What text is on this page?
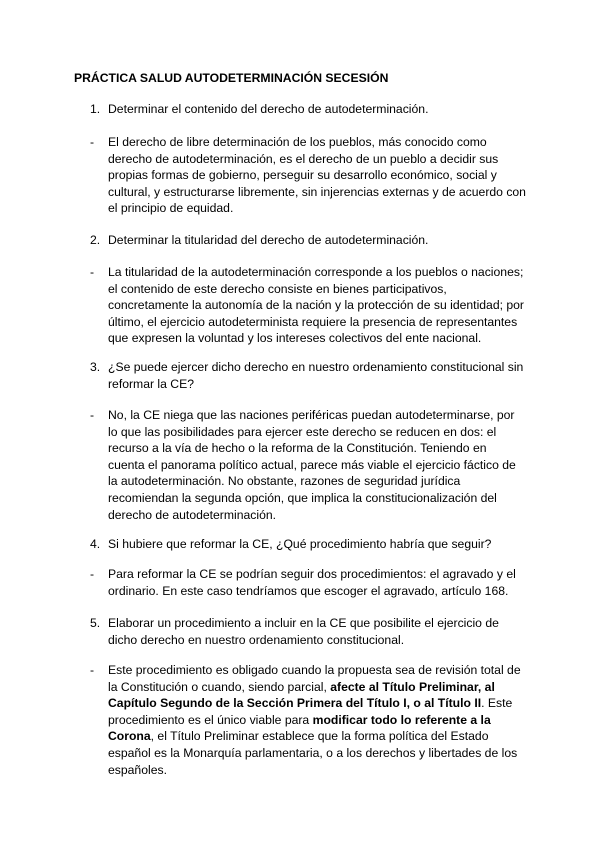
PRÁCTICA SALUD AUTODETERMINACIÓN SECESIÓN
1. Determinar el contenido del derecho de autodeterminación.
-	El derecho de libre determinación de los pueblos, más conocido como derecho de autodeterminación, es el derecho de un pueblo a decidir sus propias formas de gobierno, perseguir su desarrollo económico, social y cultural, y estructurarse libremente, sin injerencias externas y de acuerdo con el principio de equidad.
2. Determinar la titularidad del derecho de autodeterminación.
-	La titularidad de la autodeterminación corresponde a los pueblos o naciones; el contenido de este derecho consiste en bienes participativos, concretamente la autonomía de la nación y la protección de su identidad; por último, el ejercicio autodeterminista requiere la presencia de representantes que expresen la voluntad y los intereses colectivos del ente nacional.
3. ¿Se puede ejercer dicho derecho en nuestro ordenamiento constitucional sin reformar la CE?
-	No, la CE niega que las naciones periféricas puedan autodeterminarse, por lo que las posibilidades para ejercer este derecho se reducen en dos: el recurso a la vía de hecho o la reforma de la Constitución. Teniendo en cuenta el panorama político actual, parece más viable el ejercicio fáctico de la autodeterminación. No obstante, razones de seguridad jurídica recomiendan la segunda opción, que implica la constitucionalización del derecho de autodeterminación.
4. Si hubiere que reformar la CE, ¿Qué procedimiento habría que seguir?
-	Para reformar la CE se podrían seguir dos procedimientos: el agravado y el ordinario. En este caso tendríamos que escoger el agravado, artículo 168.
5. Elaborar un procedimiento a incluir en la CE que posibilite el ejercicio de dicho derecho en nuestro ordenamiento constitucional.
-	Este procedimiento es obligado cuando la propuesta sea de revisión total de la Constitución o cuando, siendo parcial, afecte al Título Preliminar, al Capítulo Segundo de la Sección Primera del Título I, o al Título II. Este procedimiento es el único viable para modificar todo lo referente a la Corona, el Título Preliminar establece que la forma política del Estado español es la Monarquía parlamentaria, o a los derechos y libertades de los españoles.
